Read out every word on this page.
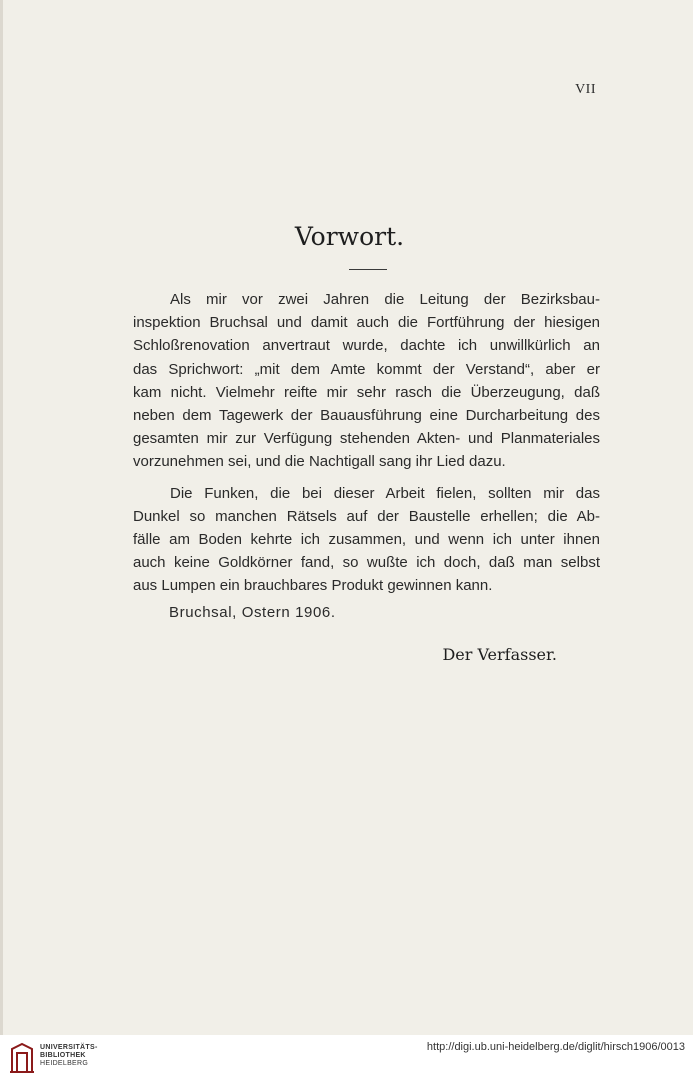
VII
Vorwort.
Als mir vor zwei Jahren die Leitung der Bezirksbau-
inspektion Bruchsal und damit auch die Fortführung der hiesigen
Schloßrenovation anvertraut wurde, dachte ich unwillkürlich an
das Sprichwort: „mit dem Amte kommt der Verstand“, aber er
kam nicht. Vielmehr reifte mir sehr rasch die Überzeugung, daß
neben dem Tagewerk der Bauausführung eine Durcharbeitung des
gesamten mir zur Verfügung stehenden Akten- und Planmateriales
vorzunehmen sei, und die Nachtigall sang ihr Lied dazu.
Die Funken, die bei dieser Arbeit fielen, sollten mir das
Dunkel so manchen Rätsels auf der Baustelle erhellen; die Ab-
fälle am Boden kehrte ich zusammen, und wenn ich unter ihnen
auch keine Goldkörner fand, so wußte ich doch, daß man selbst
aus Lumpen ein brauchbares Produkt gewinnen kann.
Bruchsal, Ostern 1906.
Der Verfasser.
UNIVERSITÄTS-
BIBLIOTHEK
HEIDELBERG
http://digi.ub.uni-heidelberg.de/diglit/hirsch1906/0013
